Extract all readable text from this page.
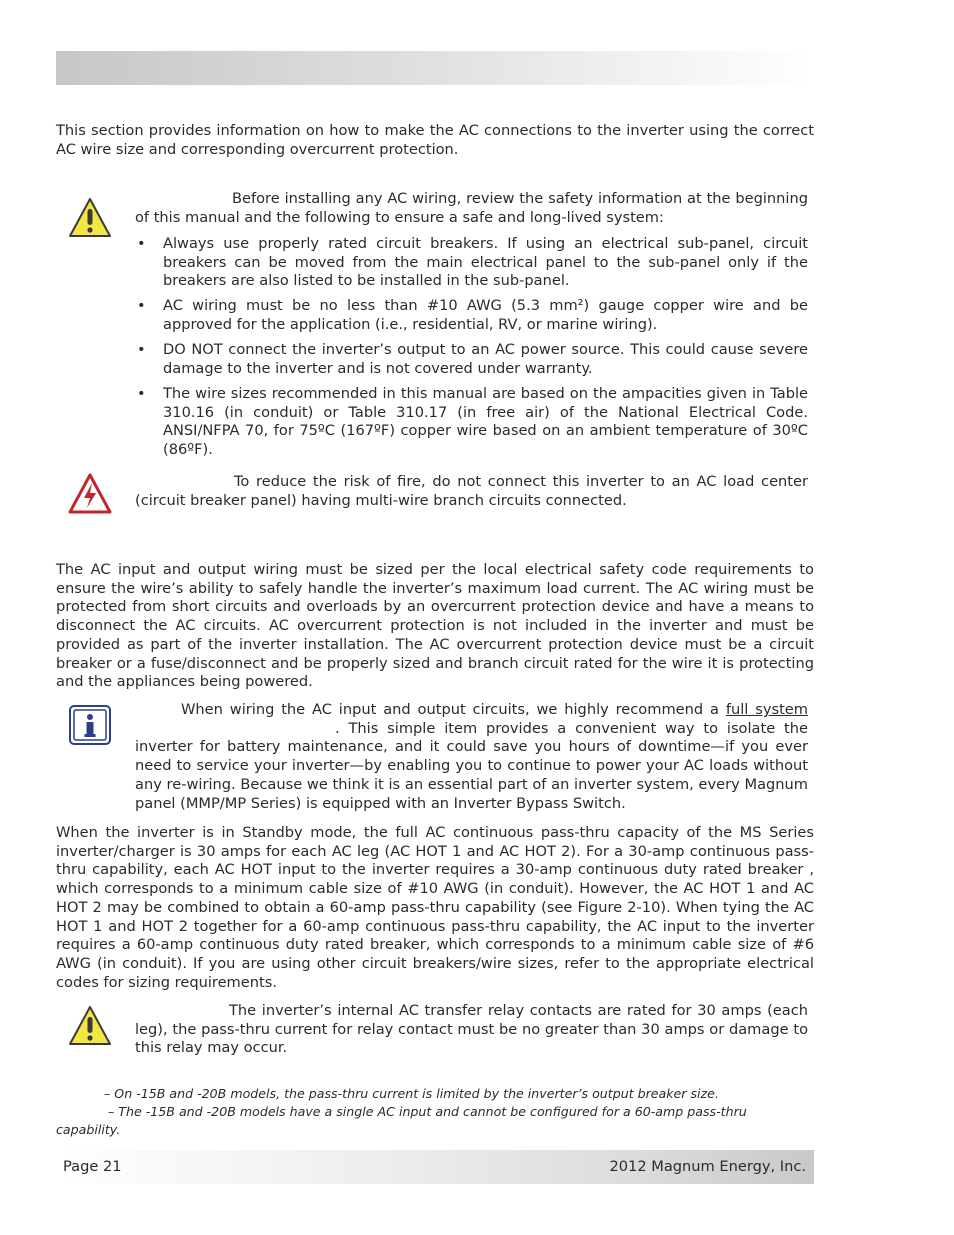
This section provides information on how to make the AC connections to the inverter using the correct AC wire size and corresponding overcurrent protection.

Before installing any AC wiring, review the safety information at the beginning of this manual and the following to ensure a safe and long-lived system:

• Always use properly rated circuit breakers. If using an electrical sub-panel, circuit breakers can be moved from the main electrical panel to the sub-panel only if the breakers are also listed to be installed in the sub-panel.
• AC wiring must be no less than #10 AWG (5.3 mm²) gauge copper wire and be approved for the application (i.e., residential, RV, or marine wiring).
• DO NOT connect the inverter’s output to an AC power source. This could cause severe damage to the inverter and is not covered under warranty.
• The wire sizes recommended in this manual are based on the ampacities given in Table 310.16 (in conduit) or Table 310.17 (in free air) of the National Electrical Code. ANSI/NFPA 70, for 75ºC (167ºF) copper wire based on an ambient temperature of 30ºC (86ºF).

To reduce the risk of fire, do not connect this inverter to an AC load center (circuit breaker panel) having multi-wire branch circuits connected.

The AC input and output wiring must be sized per the local electrical safety code requirements to ensure the wire’s ability to safely handle the inverter’s maximum load current. The AC wiring must be protected from short circuits and overloads by an overcurrent protection device and have a means to disconnect the AC circuits. AC overcurrent protection is not included in the inverter and must be provided as part of the inverter installation. The AC overcurrent protection device must be a circuit breaker or a fuse/disconnect and be properly sized and branch circuit rated for the wire it is protecting and the appliances being powered.

When wiring the AC input and output circuits, we highly recommend a full system. This simple item provides a convenient way to isolate the inverter for battery maintenance, and it could save you hours of downtime—if you ever need to service your inverter—by enabling you to continue to power your AC loads without any re-wiring. Because we think it is an essential part of an inverter system, every Magnum panel (MMP/MP Series) is equipped with an Inverter Bypass Switch.

When the inverter is in Standby mode, the full AC continuous pass-thru capacity of the MS Series inverter/charger is 30 amps for each AC leg (AC HOT 1 and AC HOT 2). For a 30-amp continuous pass-thru capability, each AC HOT input to the inverter requires a 30-amp continuous duty rated breaker , which corresponds to a minimum cable size of #10 AWG (in conduit). However, the AC HOT 1 and AC HOT 2 may be combined to obtain a 60-amp pass-thru capability (see Figure 2-10). When tying the AC HOT 1 and HOT 2 together for a 60-amp continuous pass-thru capability, the AC input to the inverter requires a 60-amp continuous duty rated breaker, which corresponds to a minimum cable size of #6 AWG (in conduit). If you are using other circuit breakers/wire sizes, refer to the appropriate electrical codes for sizing requirements.

The inverter’s internal AC transfer relay contacts are rated for 30 amps (each leg), the pass-thru current for relay contact must be no greater than 30 amps or damage to this relay may occur.

– On -15B and -20B models, the pass-thru current is limited by the inverter’s output breaker size.

– The -15B and -20B models have a single AC input and cannot be configured for a 60-amp pass-thru capability.

Page 21	2012 Magnum Energy, Inc.
